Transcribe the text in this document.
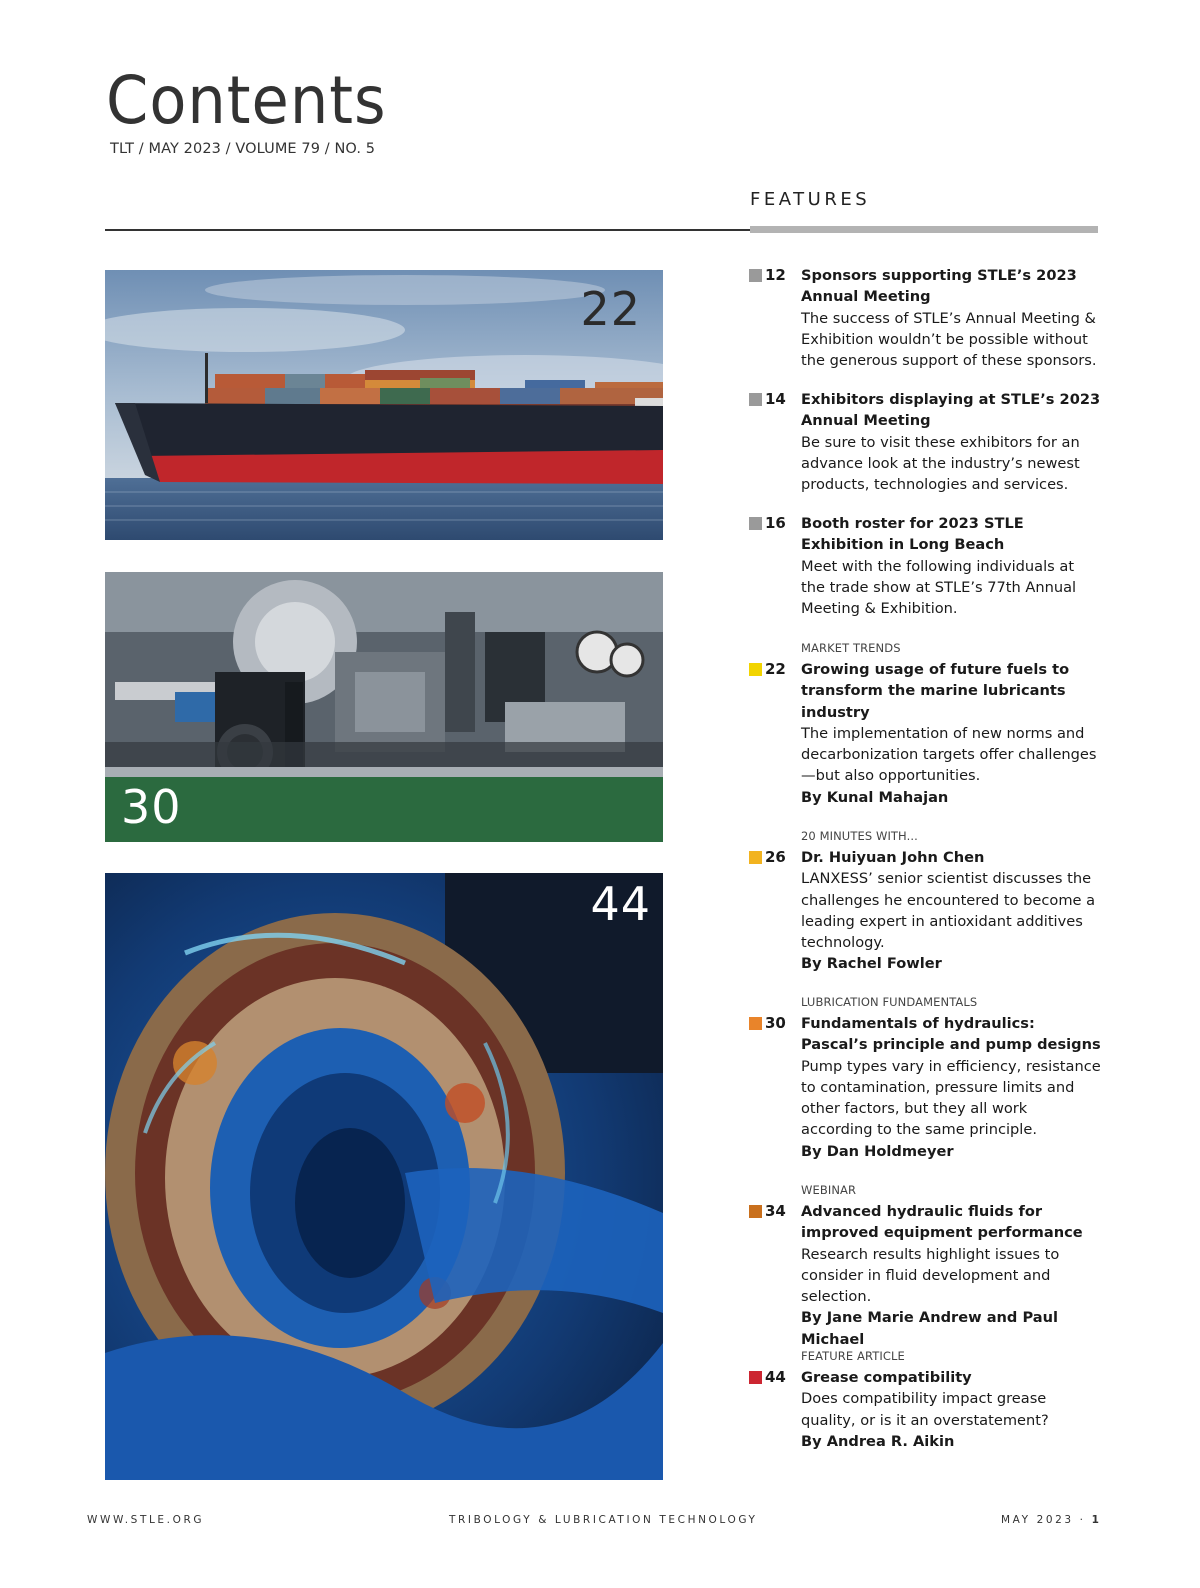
Contents
TLT / MAY 2023 / VOLUME 79 / NO. 5
FEATURES
22
30
44
12 Sponsors supporting STLE’s 2023 Annual Meeting
The success of STLE’s Annual Meeting & Exhibition wouldn’t be possible without the generous support of these sponsors.
14 Exhibitors displaying at STLE’s 2023 Annual Meeting
Be sure to visit these exhibitors for an advance look at the industry’s newest products, technologies and services.
16 Booth roster for 2023 STLE Exhibition in Long Beach
Meet with the following individuals at the trade show at STLE’s 77th Annual Meeting & Exhibition.
MARKET TRENDS
22 Growing usage of future fuels to transform the marine lubricants industry
The implementation of new norms and decarbonization targets offer challenges—but also opportunities.
By Kunal Mahajan
20 MINUTES WITH...
26 Dr. Huiyuan John Chen
LANXESS’ senior scientist discusses the challenges he encountered to become a leading expert in antioxidant additives technology.
By Rachel Fowler
LUBRICATION FUNDAMENTALS
30 Fundamentals of hydraulics: Pascal’s principle and pump designs
Pump types vary in efficiency, resistance to contamination, pressure limits and other factors, but they all work according to the same principle.
By Dan Holdmeyer
WEBINAR
34 Advanced hydraulic fluids for improved equipment performance
Research results highlight issues to consider in fluid development and selection.
By Jane Marie Andrew and Paul Michael
FEATURE ARTICLE
44 Grease compatibility
Does compatibility impact grease quality, or is it an overstatement?
By Andrea R. Aikin
WWW.STLE.ORG	TRIBOLOGY & LUBRICATION TECHNOLOGY	MAY 2023 · 1
